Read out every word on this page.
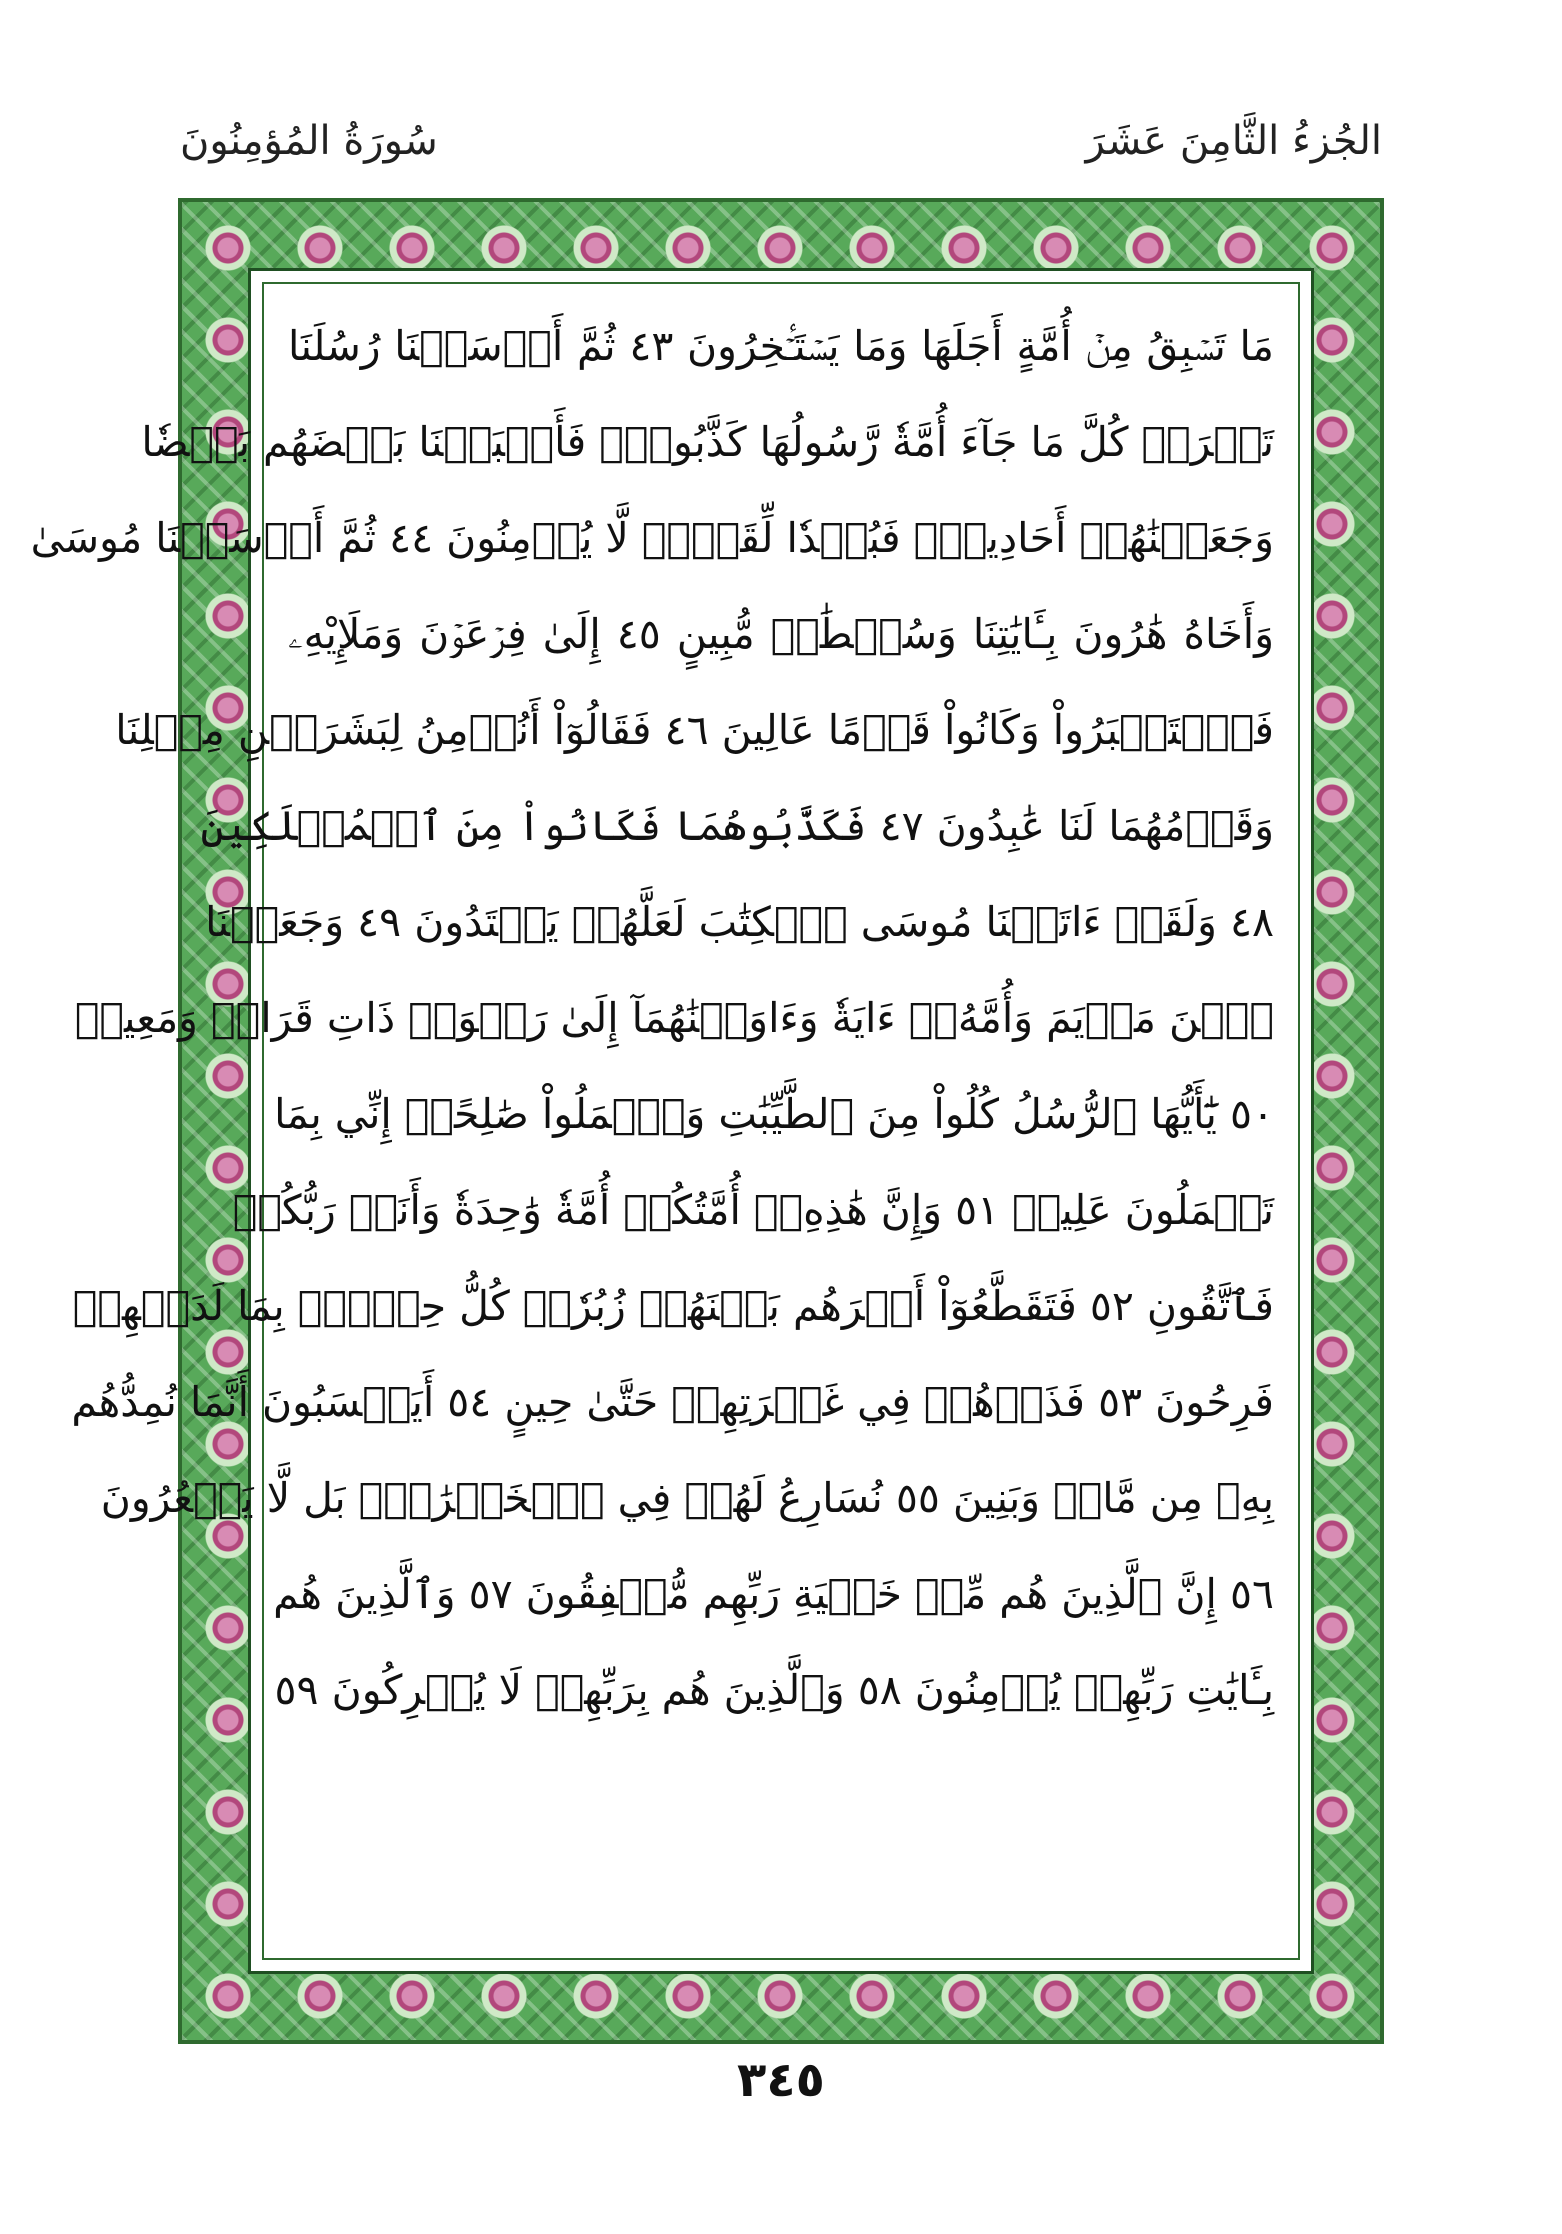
سُورَةُ المُؤمِنُونَ	الجُزءُ الثَّامِنَ عَشَرَ
مَا تَسۡبِقُ مِنۡ أُمَّةٍ أَجَلَهَا وَمَا يَسۡتَـٔۡخِرُونَ ٤٣ ثُمَّ أَرۡسَلۡنَا رُسُلَنَا
تَتۡرَاۖ كُلَّ مَا جَآءَ أُمَّةٗ رَّسُولُهَا كَذَّبُوهُۖ فَأَتۡبَعۡنَا بَعۡضَهُم بَعۡضٗا
وَجَعَلۡنَٰهُمۡ أَحَادِيثَۚ فَبُعۡدٗا لِّقَوۡمٖ لَّا يُؤۡمِنُونَ ٤٤ ثُمَّ أَرۡسَلۡنَا مُوسَىٰ
وَأَخَاهُ هَٰرُونَ بِـَٔايَٰتِنَا وَسُلۡطَٰنٖ مُّبِينٍ ٤٥ إِلَىٰ فِرۡعَوۡنَ وَمَلَإِيْهِۦ
فَٱسۡتَكۡبَرُواْ وَكَانُواْ قَوۡمًا عَالِينَ ٤٦ فَقَالُوٓاْ أَنُؤۡمِنُ لِبَشَرَيۡنِ مِثۡلِنَا
وَقَوۡمُهُمَا لَنَا عَٰبِدُونَ ٤٧ فَكَذَّبُوهُمَا فَكَانُواْ مِنَ ٱلۡمُهۡلَكِينَ
٤٨ وَلَقَدۡ ءَاتَيۡنَا مُوسَى ٱلۡكِتَٰبَ لَعَلَّهُمۡ يَهۡتَدُونَ ٤٩ وَجَعَلۡنَا
ٱبۡنَ مَرۡيَمَ وَأُمَّهُۥٓ ءَايَةٗ وَءَاوَيۡنَٰهُمَآ إِلَىٰ رَبۡوَةٖ ذَاتِ قَرَارٖ وَمَعِينٖ
٥٠ يَٰٓأَيُّهَا ٱلرُّسُلُ كُلُواْ مِنَ ٱلطَّيِّبَٰتِ وَٱعۡمَلُواْ صَٰلِحًاۖ إِنِّي بِمَا
تَعۡمَلُونَ عَلِيمٞ ٥١ وَإِنَّ هَٰذِهِۦٓ أُمَّتُكُمۡ أُمَّةٗ وَٰحِدَةٗ وَأَنَا۠ رَبُّكُمۡ
فَٱتَّقُونِ ٥٢ فَتَقَطَّعُوٓاْ أَمۡرَهُم بَيۡنَهُمۡ زُبُرٗاۖ كُلُّ حِزۡبِۭ بِمَا لَدَيۡهِمۡ
فَرِحُونَ ٥٣ فَذَرۡهُمۡ فِي غَمۡرَتِهِمۡ حَتَّىٰ حِينٍ ٥٤ أَيَحۡسَبُونَ أَنَّمَا نُمِدُّهُم
بِهِۦ مِن مَّالٖ وَبَنِينَ ٥٥ نُسَارِعُ لَهُمۡ فِي ٱلۡخَيۡرَٰتِۚ بَل لَّا يَشۡعُرُونَ
٥٦ إِنَّ ٱلَّذِينَ هُم مِّنۡ خَشۡيَةِ رَبِّهِم مُّشۡفِقُونَ ٥٧ وَٱلَّذِينَ هُم
بِـَٔايَٰتِ رَبِّهِمۡ يُؤۡمِنُونَ ٥٨ وَٱلَّذِينَ هُم بِرَبِّهِمۡ لَا يُشۡرِكُونَ ٥٩
٣٤٥
